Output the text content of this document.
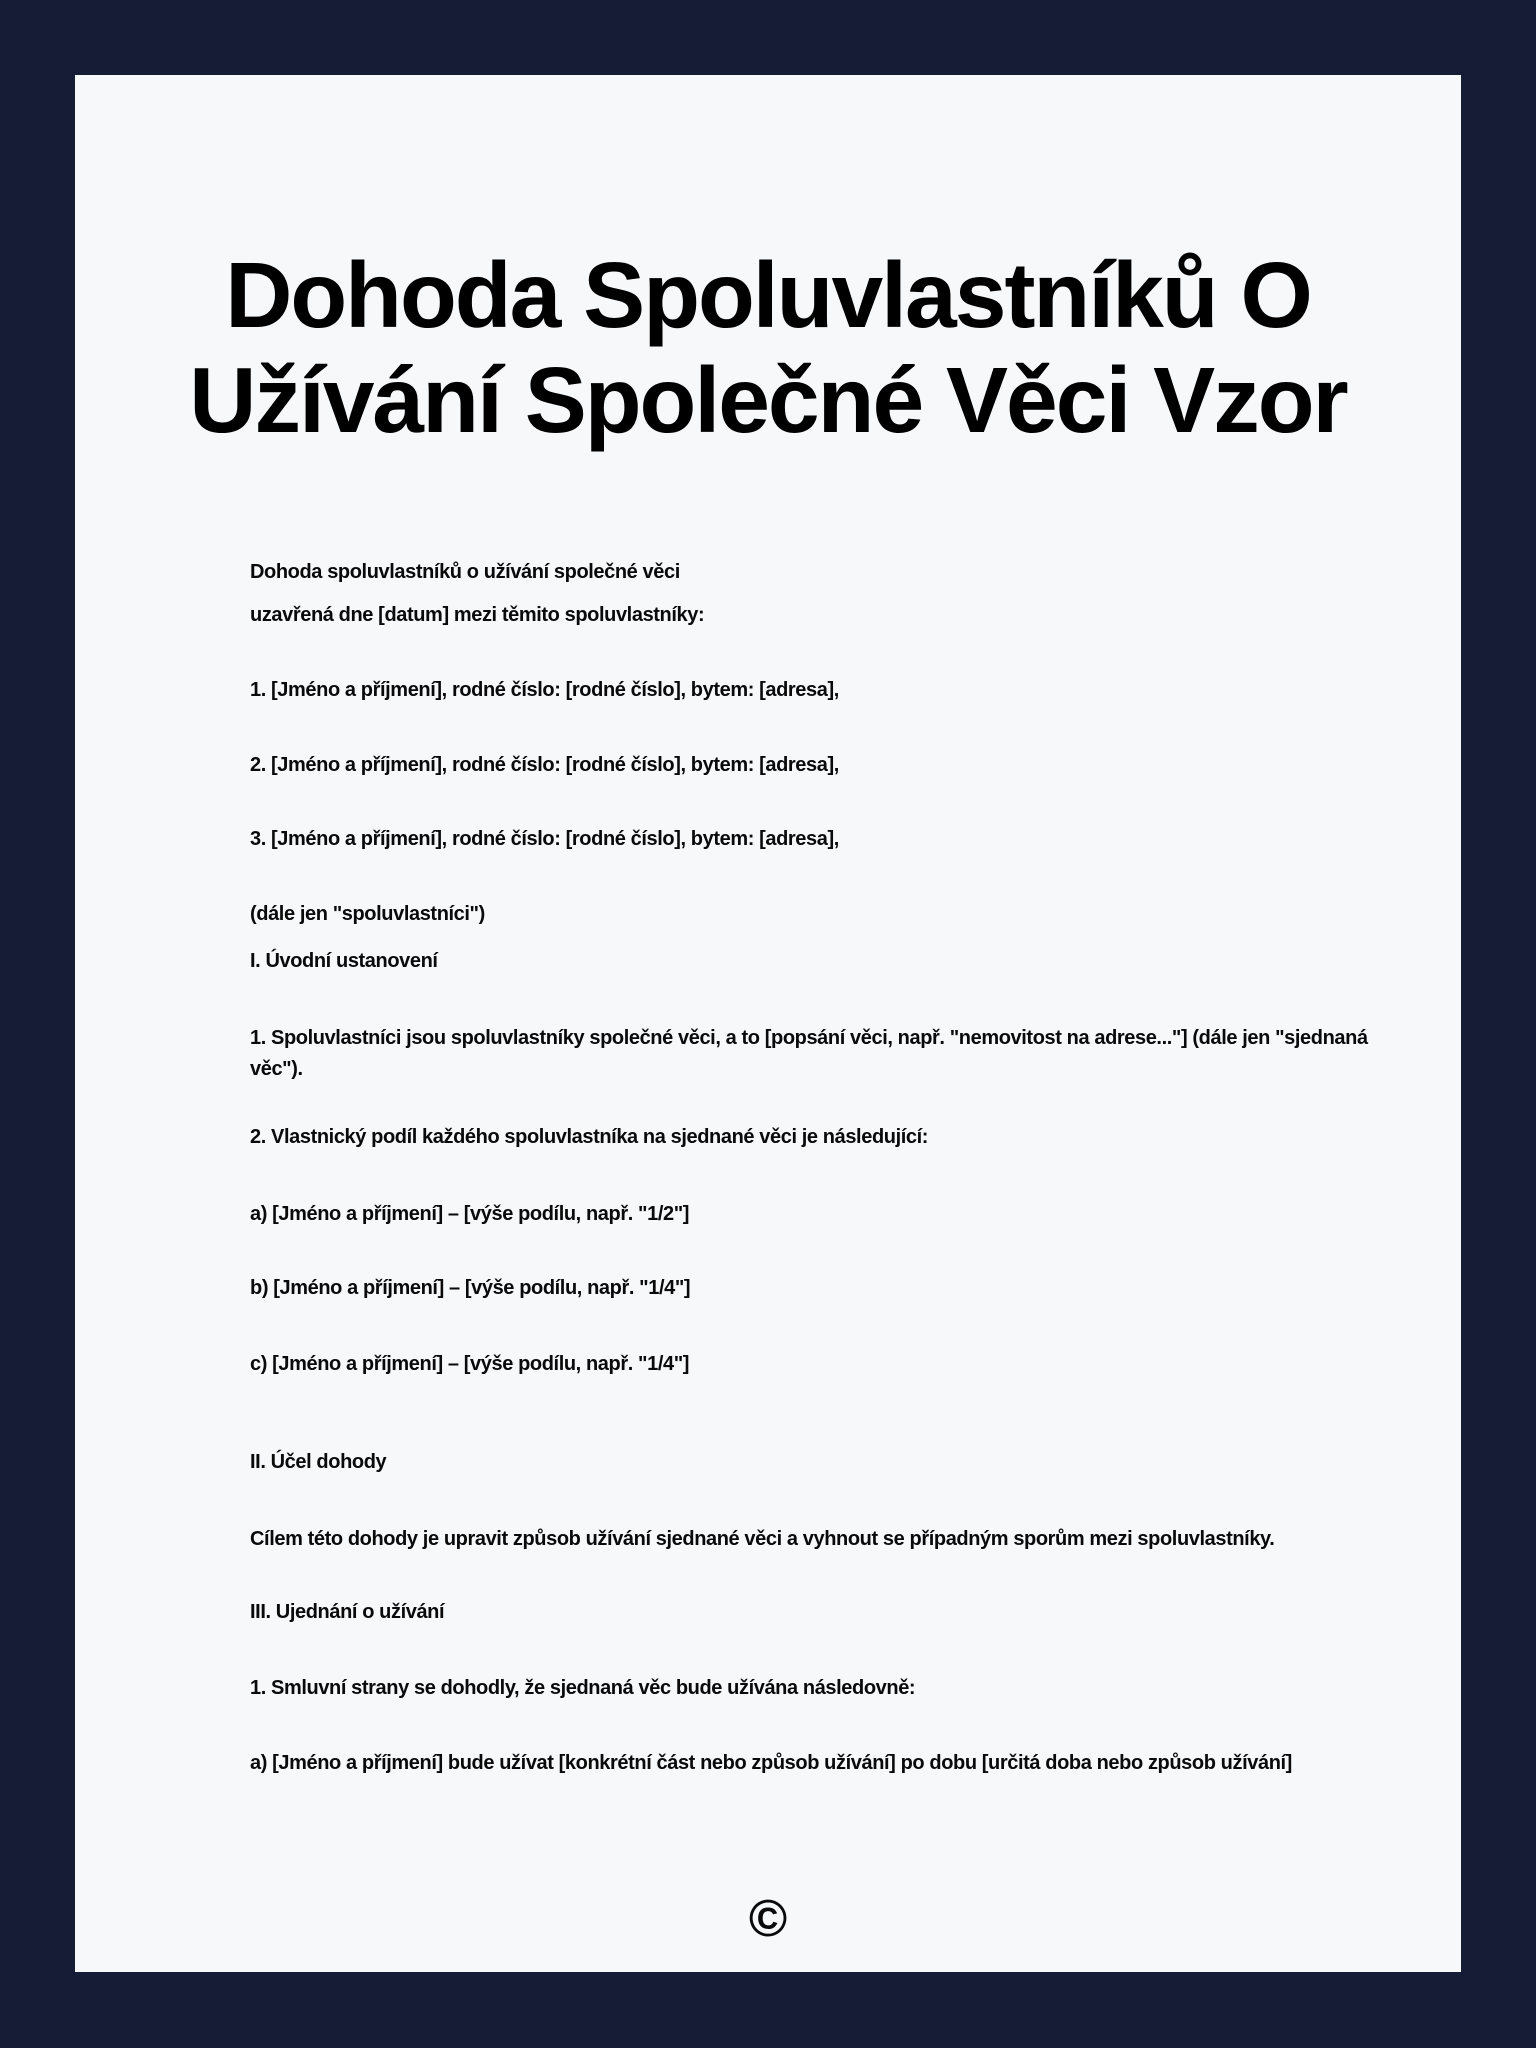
Dohoda Spoluvlastníků O
Užívání Společné Věci Vzor

Dohoda spoluvlastníků o užívání společné věci

uzavřená dne [datum] mezi těmito spoluvlastníky:

1. [Jméno a příjmení], rodné číslo: [rodné číslo], bytem: [adresa],

2. [Jméno a příjmení], rodné číslo: [rodné číslo], bytem: [adresa],

3. [Jméno a příjmení], rodné číslo: [rodné číslo], bytem: [adresa],

(dále jen "spoluvlastníci")

I. Úvodní ustanovení

1. Spoluvlastníci jsou spoluvlastníky společné věci, a to [popsání věci, např. "nemovitost na adrese..."] (dále jen "sjednaná věc").

2. Vlastnický podíl každého spoluvlastníka na sjednané věci je následující:

a) [Jméno a příjmení] – [výše podílu, např. "1/2"]

b) [Jméno a příjmení] – [výše podílu, např. "1/4"]

c) [Jméno a příjmení] – [výše podílu, např. "1/4"]

II. Účel dohody

Cílem této dohody je upravit způsob užívání sjednané věci a vyhnout se případným sporům mezi spoluvlastníky.

III. Ujednání o užívání

1. Smluvní strany se dohodly, že sjednaná věc bude užívána následovně:

a) [Jméno a příjmení] bude užívat [konkrétní část nebo způsob užívání] po dobu [určitá doba nebo způsob užívání]

©
